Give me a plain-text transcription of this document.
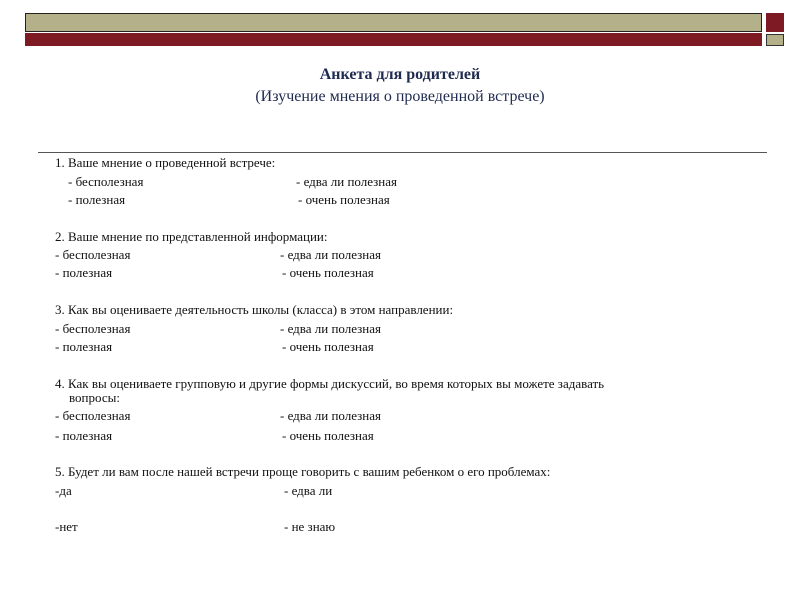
Анкета для родителей
(Изучение мнения о проведенной встрече)
1. Ваше мнение о проведенной встрече:
- бесполезная	- едва ли полезная
- полезная	- очень полезная
2. Ваше мнение по представленной информации:
- бесполезная	- едва ли полезная
- полезная	- очень полезная
3. Как вы оцениваете деятельность школы (класса) в этом направлении:
- бесполезная	- едва ли полезная
- полезная	- очень полезная
4. Как вы оцениваете групповую и другие формы дискуссий, во время которых вы можете задавать
вопросы:
- бесполезная	- едва ли полезная
- полезная	- очень полезная
5. Будет ли вам после нашей встречи проще говорить с вашим ребенком о его проблемах:
-да	- едва ли
-нет	- не знаю
